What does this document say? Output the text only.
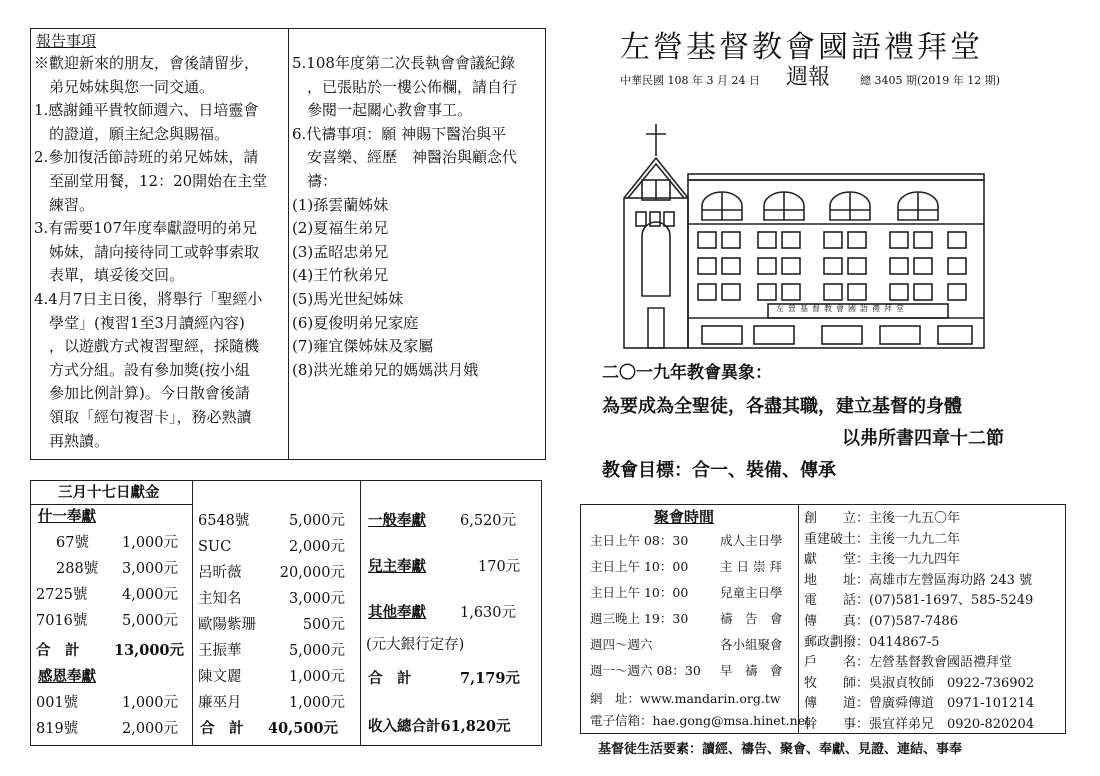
報告事項
※歡迎新來的朋友，會後請留步，
　弟兄姊妹與您一同交通。
1.感謝鍾平貴牧師週六、日培靈會
　的證道，願主紀念與賜福。
2.參加復活節詩班的弟兄姊妹，請
　至副堂用餐，12：20開始在主堂
　練習。
3.有需要107年度奉獻證明的弟兄
　姊妹，請向接待同工或幹事索取
　表單，填妥後交回。
4.4月7日主日後，將舉行「聖經小
　學堂」(複習1至3月讀經內容)
　，以遊戲方式複習聖經，採隨機
　方式分組。設有參加獎(按小組
　參加比例計算)。今日散會後請
　領取「經句複習卡」，務必熟讀
　再熟讀。
5.108年度第二次長執會會議紀錄
　，已張貼於一樓公佈欄，請自行
　參閱一起關心教會事工。
6.代禱事項：願 神賜下醫治與平
　安喜樂、經歷　神醫治與顧念代
　禱：
(1)孫雲蘭姊妹
(2)夏福生弟兄
(3)孟昭忠弟兄
(4)王竹秋弟兄
(5)馬光世紀姊妹
(6)夏俊明弟兄家庭
(7)雍宜傑姊妹及家屬
(8)洪光雄弟兄的媽媽洪月娥
左營基督教會國語禮拜堂
中華民國 108 年 3 月 24 日 週報	總 3405 期(2019 年 12 期)
左營基督教會國語禮拜堂
二〇一九年教會異象：
為要成為全聖徒，各盡其職，建立基督的身體
以弗所書四章十二節
教會目標：合一、裝備、傳承
三月十七日獻金
什一奉獻
67號 1,000元
288號 3,000元
2725號 4,000元
7016號 5,000元
合　計 13,000元
感恩奉獻
001號	1,000元
819號	2,000元
6548號	5,000元
SUC	2,000元
呂昕薇	20,000元
主知名	3,000元
歐陽紫珊	500元
王振華	5,000元
陳文麗	1,000元
廉巫月	1,000元
合　計 40,500元
一般奉獻 6,520元
兒主奉獻	170元
其他奉獻 1,630元
(元大銀行定存)
合　計	7,179元
收入總合計61,820元
聚會時間
主日上午 08：30	成人主日學
主日上午 10：00	主 日 崇 拜
主日上午 10：00	兒童主日學
週三晚上 19：30	禱　告　會
週四～週六	各小組聚會
週一～週六 08：30 早　禱　會
網　址：www.mandarin.org.tw
電子信箱：hae.gong@msa.hinet.net
創　　立：主後一九五〇年
重建破土：主後一九九二年
獻　　堂：主後一九九四年
地　　址：高雄市左營區海功路 243 號
電　　話：(07)581-1697、585-5249
傳　　真：(07)587-7486
郵政劃撥：0414867-5
戶　　名：左營基督教會國語禮拜堂
牧　　師：吳淑貞牧師　0922-736902
傳　　道：曾廣舜傳道　0971-101214
幹　　事：張宜祥弟兄　0920-820204
基督徒生活要素：讀經、禱告、聚會、奉獻、見證、連結、事奉
